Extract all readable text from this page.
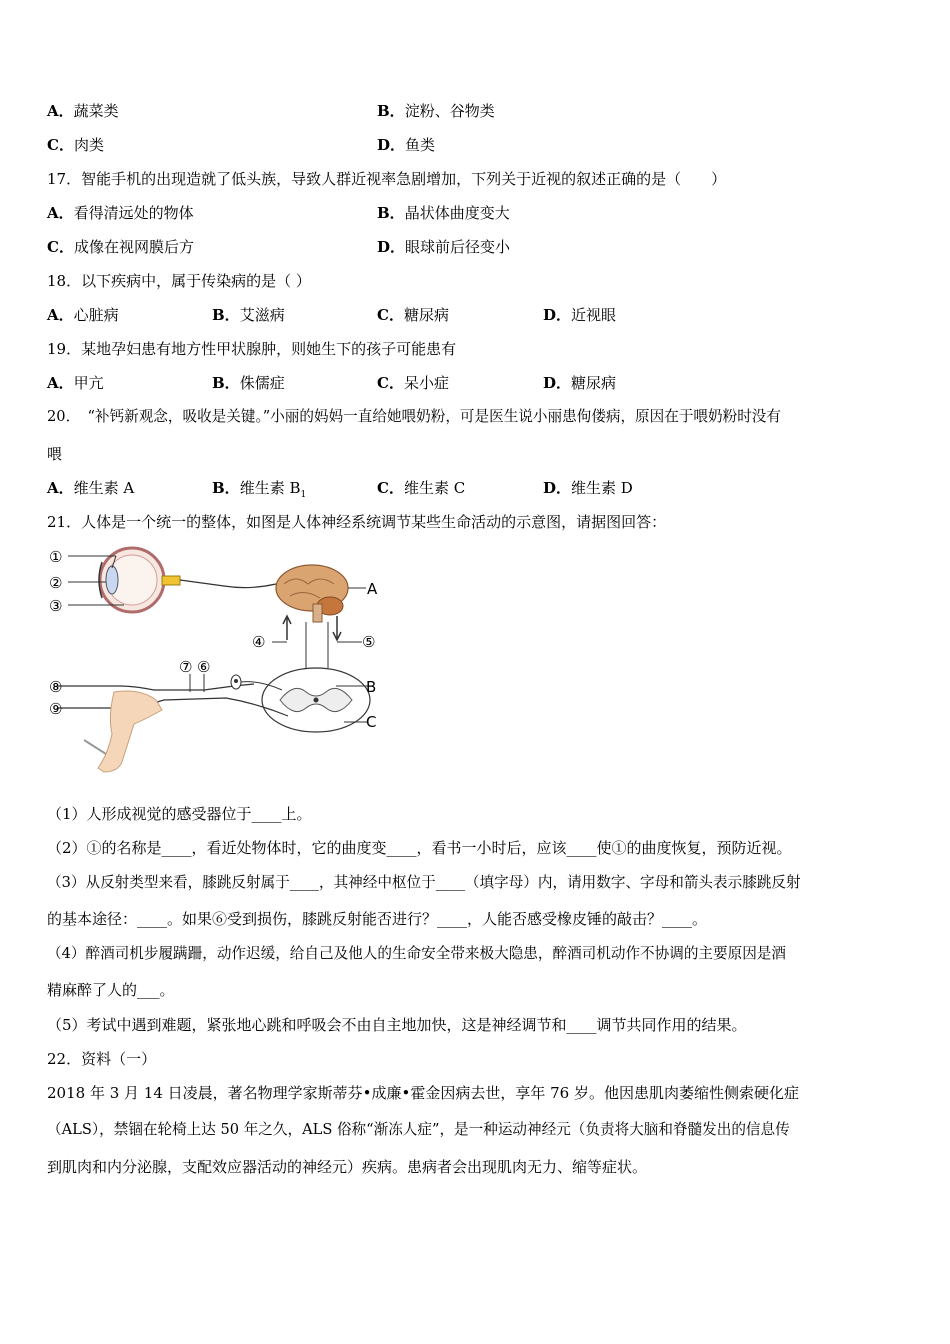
A．蔬菜类	B．淀粉、谷物类
C．肉类	D．鱼类
17．智能手机的出现造就了低头族，导致人群近视率急剧增加，下列关于近视的叙述正确的是（　　）
A．看得清远处的物体	B．晶状体曲度变大
C．成像在视网膜后方	D．眼球前后径变小
18．以下疾病中，属于传染病的是（ ）
A．心脏病	B．艾滋病	C．糖尿病	D．近视眼
19．某地孕妇患有地方性甲状腺肿，则她生下的孩子可能患有
A．甲亢	B．侏儒症	C．呆小症	D．糖尿病
20．　“补钙新观念，吸收是关键。”小丽的妈妈一直给她喂奶粉，可是医生说小丽患佝偻病，原因在于喂奶粉时没有
喂
A．维生素 A	B．维生素 $B_1$	C．维生素 C	D．维生素 D
21．人体是一个统一的整体，如图是人体神经系统调节某些生命活动的示意图，请据图回答：
①
②
③
④	⑤
⑦ ⑥
⑧
⑨
A
B
C
（1）人形成视觉的感受器位于____上。
（2）①的名称是____，看近处物体时，它的曲度变____，看书一小时后，应该____使①的曲度恢复，预防近视。
（3）从反射类型来看，膝跳反射属于____，其神经中枢位于____（填字母）内，请用数字、字母和箭头表示膝跳反射
的基本途径：____。如果⑥受到损伤，膝跳反射能否进行？____，人能否感受橡皮锤的敲击？____。
（4）醉酒司机步履蹒跚，动作迟缓，给自己及他人的生命安全带来极大隐患，醉酒司机动作不协调的主要原因是酒
精麻醉了人的___。
（5）考试中遇到难题，紧张地心跳和呼吸会不由自主地加快，这是神经调节和____调节共同作用的结果。
22．资料（一）
2018 年 3 月 14 日凌晨，著名物理学家斯蒂芬•成廉•霍金因病去世，享年 76 岁。他因患肌肉萎缩性侧索硬化症
（ALS），禁锢在轮椅上达 50 年之久，ALS 俗称“渐冻人症”，是一种运动神经元（负责将大脑和脊髓发出的信息传
到肌肉和内分泌腺，支配效应器活动的神经元）疾病。患病者会出现肌肉无力、缩等症状。
